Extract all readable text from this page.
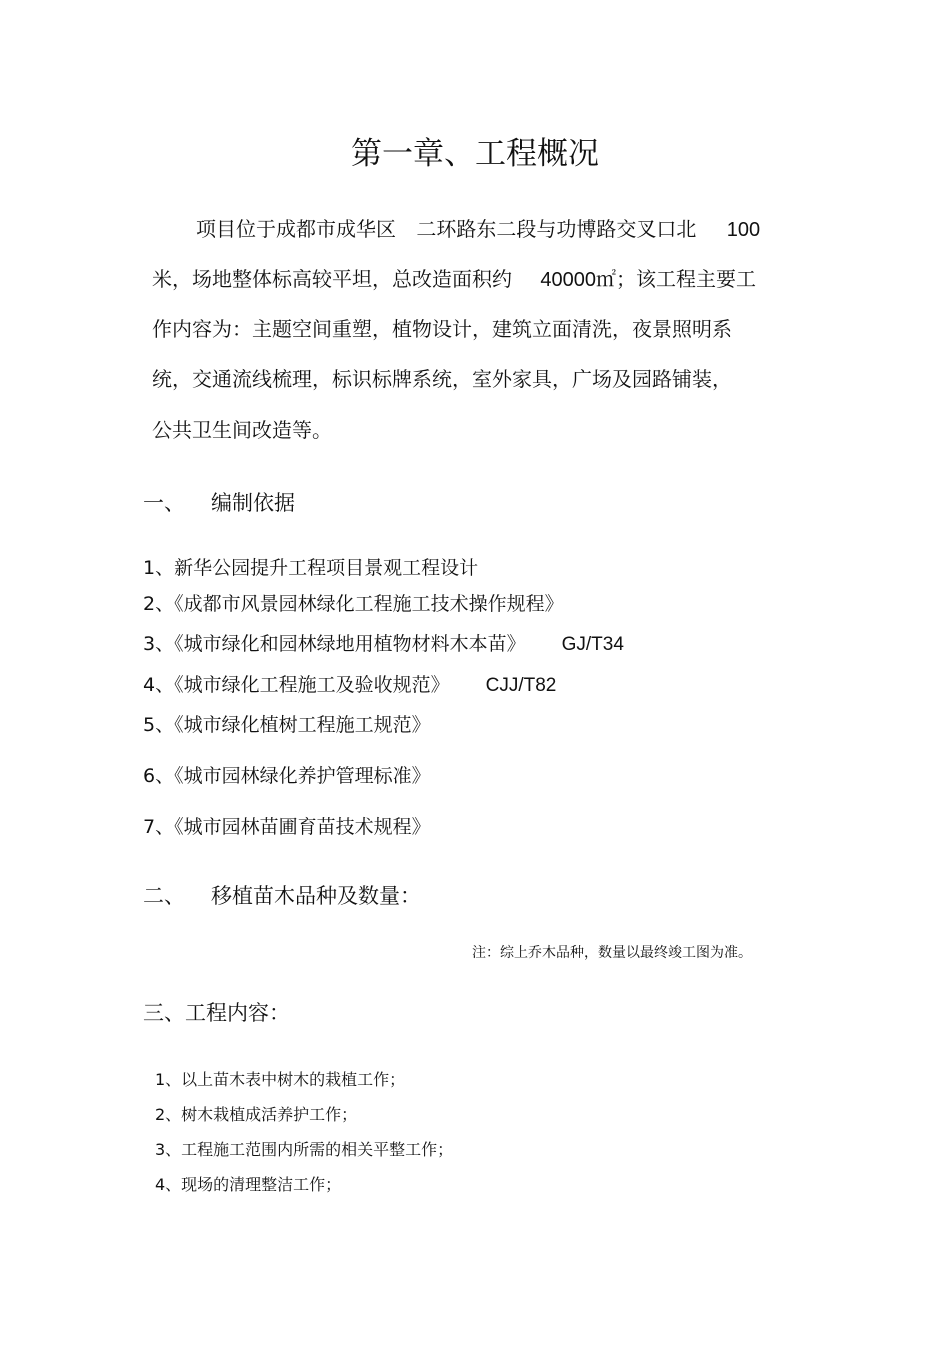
第一章、工程概况
项目位于成都市成华区 二环路东二段与功博路交叉口北 100
米，场地整体标高较平坦，总改造面积约 40000㎡；该工程主要工
作内容为：主题空间重塑，植物设计，建筑立面清洗，夜景照明系
统，交通流线梳理，标识标牌系统，室外家具，广场及园路铺装，
公共卫生间改造等。
一、 编制依据
1、新华公园提升工程项目景观工程设计
2、《成都市风景园林绿化工程施工技术操作规程》
3、《城市绿化和园林绿地用植物材料木本苗》 GJ/T34
4、《城市绿化工程施工及验收规范》 CJJ/T82
5、《城市绿化植树工程施工规范》
6、《城市园林绿化养护管理标准》
7、《城市园林苗圃育苗技术规程》
二、 移植苗木品种及数量：
注：综上乔木品种，数量以最终竣工图为准。
三、工程内容：
1、以上苗木表中树木的栽植工作；
2、树木栽植成活养护工作；
3、工程施工范围内所需的相关平整工作；
4、现场的清理整洁工作；
